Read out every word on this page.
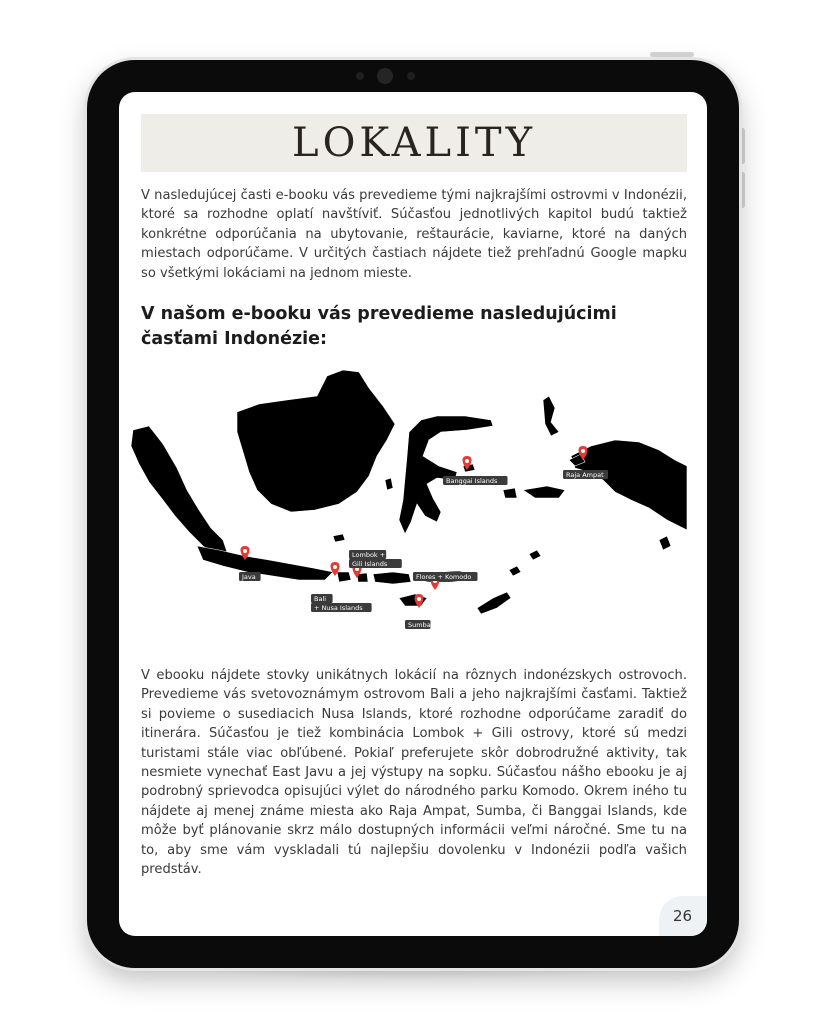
LOKALITY

V nasledujúcej časti e-booku vás prevedieme tými najkrajšími ostrovmi v Indonézii, ktoré sa rozhodne oplatí navštíviť. Súčasťou jednotlivých kapitol budú taktiež konkrétne odporúčania na ubytovanie, reštaurácie, kaviarne, ktoré na daných miestach odporúčame. V určitých častiach nájdete tiež prehľadnú Google mapku so všetkými lokáciami na jednom mieste.

V našom e-booku vás prevedieme nasledujúcimi časťami Indonézie:

Java
Bali
+ Nusa Islands
Lombok +
Gili Islands
Flores + Komodo
Sumba
Banggai Islands
Raja Ampat

V ebooku nájdete stovky unikátnych lokácií na rôznych indonézskych ostrovoch. Prevedieme vás svetovoznámym ostrovom Bali a jeho najkrajšími časťami. Taktiež si povieme o susediacich Nusa Islands, ktoré rozhodne odporúčame zaradiť do itinerára. Súčasťou je tiež kombinácia Lombok + Gili ostrovy, ktoré sú medzi turistami stále viac obľúbené. Pokiaľ preferujete skôr dobrodružné aktivity, tak nesmiete vynechať East Javu a jej výstupy na sopku. Súčasťou nášho ebooku je aj podrobný sprievodca opisujúci výlet do národného parku Komodo. Okrem iného tu nájdete aj menej známe miesta ako Raja Ampat, Sumba, či Banggai Islands, kde môže byť plánovanie skrz málo dostupných informácii veľmi náročné. Sme tu na to, aby sme vám vyskladali tú najlepšiu dovolenku v Indonézii podľa vašich predstáv.

26
